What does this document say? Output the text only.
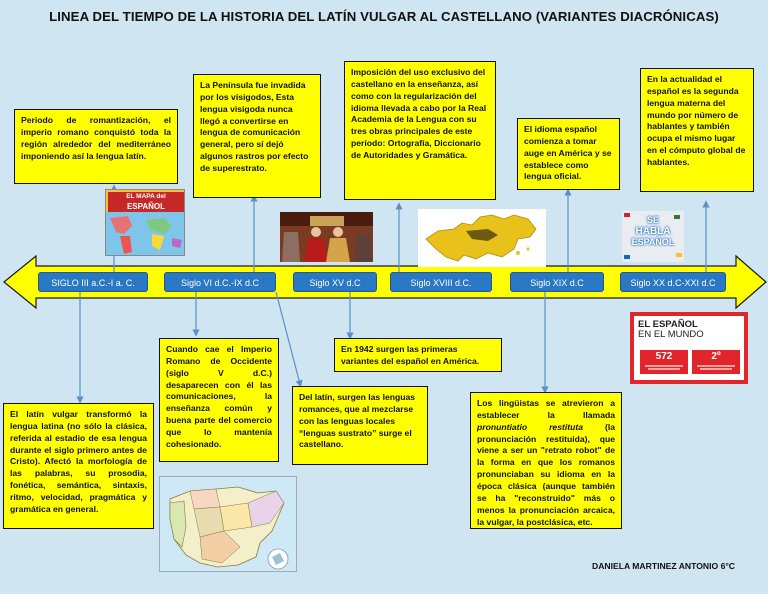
LINEA DEL TIEMPO DE LA HISTORIA DEL LATÍN VULGAR AL CASTELLANO (VARIANTES DIACRÓNICAS)
SIGLO III a.C.-I a. C.	Siglo VI d.C.-IX d.C	Siglo XV d.C	Siglo XVIII d.C.	Siglo XIX d.C	Siglo XX d.C-XXI d.C
Periodo de romantización, el imperio romano conquistó toda la región alrededor del mediterráneo imponiendo así la lengua latín.
La Península fue invadida por los visigodos, Esta lengua visigoda nunca llegó a convertirse en lengua de comunicación general, pero sí dejó algunos rastros por efecto de superestrato.
Imposición del uso exclusivo del castellano en la enseñanza, así como con la regularización del idioma llevada a cabo por la Real Academia de la Lengua con su tres obras principales de este período: Ortografía, Diccionario de Autoridades y Gramática.
El idioma español comienza a tomar auge en América y se establece como lengua oficial.
En la actualidad el español es la segunda lengua materna del mundo por número de hablantes y también ocupa el mismo lugar en el cómputo global de hablantes.
El latín vulgar transformó la lengua latina (no sólo la clásica, referida al estadio de esa lengua durante el siglo primero antes de Cristo). Afectó la morfología de las palabras, su prosodia, fonética, semántica, sintaxis, ritmo, velocidad, pragmática y gramática en general.
Cuando cae el Imperio Romano de Occidente (siglo V d.C.) desaparecen con él las comunicaciones, la enseñanza común y buena parte del comercio que lo mantenía cohesionado.
Del latín, surgen las lenguas romances, que al mezclarse con las lenguas locales “lenguas sustrato” surge el castellano.
En 1942 surgen las primeras variantes del español en América.
Los lingüistas se atrevieron a establecer la llamada pronuntiatio restituta (la pronunciación restituida), que viene a ser un "retrato robot" de la forma en que los romanos pronunciaban su idioma en la época clásica (aunque también se ha "reconstruido" más o menos la pronunciación arcaica, la vulgar, la postclásica, etc.
EL MAPA del
ESPAÑOL
SE
HABLA
ESPAÑOL
EL ESPAÑOL
EN EL MUNDO
572	2º
DANIELA MARTINEZ ANTONIO 6°C
